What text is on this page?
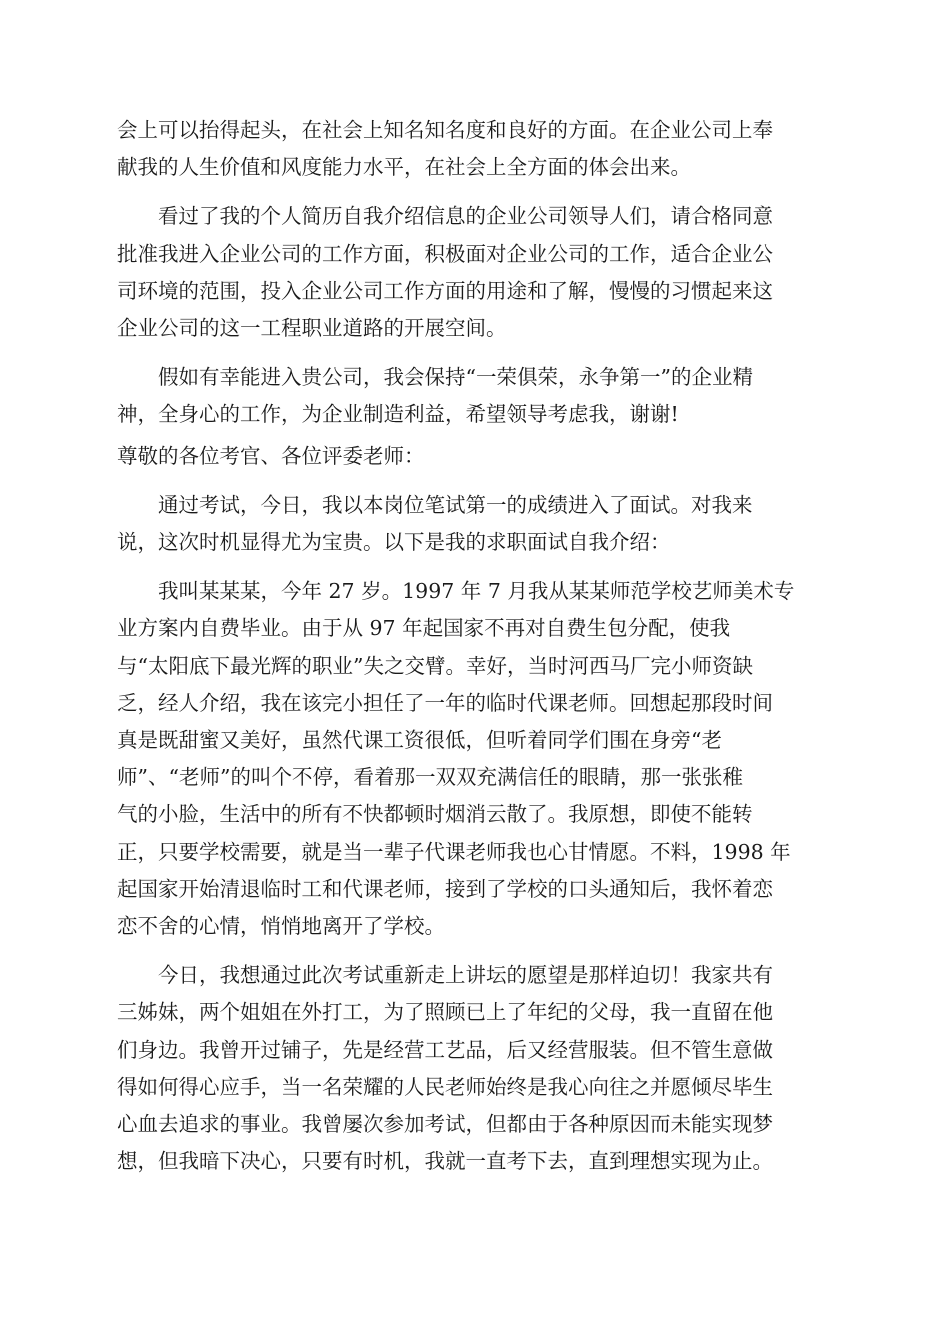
会上可以抬得起头，在社会上知名知名度和良好的方面。在企业公司上奉
献我的人生价值和风度能力水平，在社会上全方面的体会出来。

　　看过了我的个人简历自我介绍信息的企业公司领导人们，请合格同意
批准我进入企业公司的工作方面，积极面对企业公司的工作，适合企业公
司环境的范围，投入企业公司工作方面的用途和了解，慢慢的习惯起来这
企业公司的这一工程职业道路的开展空间。

　　假如有幸能进入贵公司，我会保持“一荣俱荣，永争第一”的企业精
神，全身心的工作，为企业制造利益，希望领导考虑我，谢谢!

尊敬的各位考官、各位评委老师：

　　通过考试，今日，我以本岗位笔试第一的成绩进入了面试。对我来
说，这次时机显得尤为宝贵。以下是我的求职面试自我介绍：

　　我叫某某某，今年 27 岁。1997 年 7 月我从某某师范学校艺师美术专
业方案内自费毕业。由于从 97 年起国家不再对自费生包分配，使我
与“太阳底下最光辉的职业”失之交臂。幸好，当时河西马厂完小师资缺
乏，经人介绍，我在该完小担任了一年的临时代课老师。回想起那段时间
真是既甜蜜又美好，虽然代课工资很低，但听着同学们围在身旁“老
师”、“老师”的叫个不停，看着那一双双充满信任的眼睛，那一张张稚
气的小脸，生活中的所有不快都顿时烟消云散了。我原想，即使不能转
正，只要学校需要，就是当一辈子代课老师我也心甘情愿。不料，1998 年
起国家开始清退临时工和代课老师，接到了学校的口头通知后，我怀着恋
恋不舍的心情，悄悄地离开了学校。

　　今日，我想通过此次考试重新走上讲坛的愿望是那样迫切！我家共有
三姊妹，两个姐姐在外打工，为了照顾已上了年纪的父母，我一直留在他
们身边。我曾开过铺子，先是经营工艺品，后又经营服装。但不管生意做
得如何得心应手，当一名荣耀的人民老师始终是我心向往之并愿倾尽毕生
心血去追求的事业。我曾屡次参加考试，但都由于各种原因而未能实现梦
想，但我暗下决心，只要有时机，我就一直考下去，直到理想实现为止。
